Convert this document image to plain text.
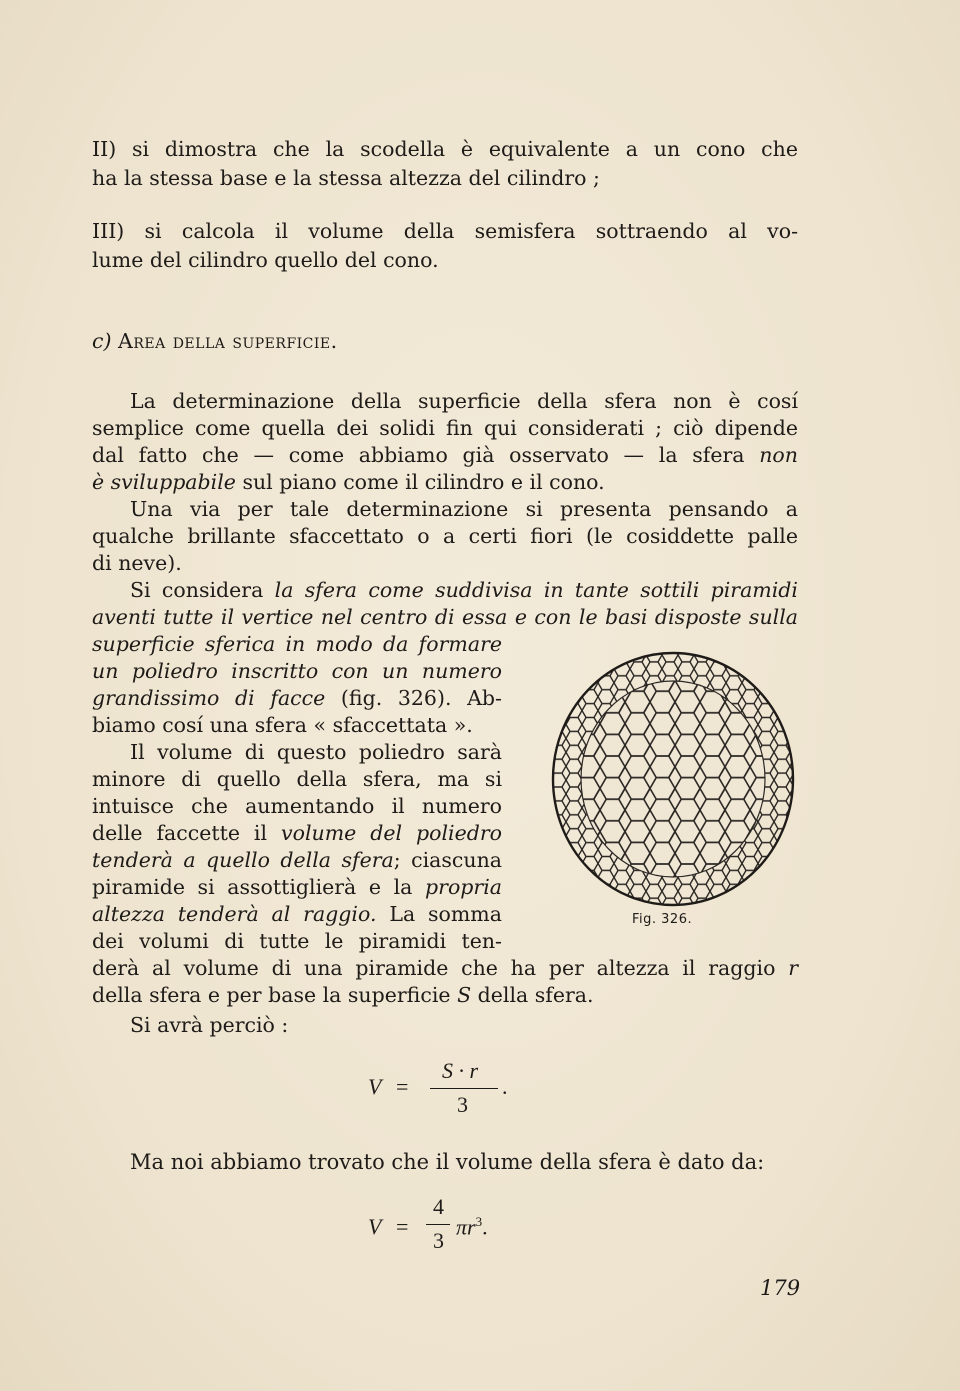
II) si dimostra che la scodella è equivalente a un cono che
ha la stessa base e la stessa altezza del cilindro ;
III) si calcola il volume della semisfera sottraendo al vo-
lume del cilindro quello del cono.
c) Area della superficie.
La determinazione della superficie della sfera non è cosí
semplice come quella dei solidi fin qui considerati ; ciò dipende
dal fatto che — come abbiamo già osservato — la sfera non
è sviluppabile sul piano come il cilindro e il cono.
Una via per tale determinazione si presenta pensando a
qualche brillante sfaccettato o a certi fiori (le cosiddette palle
di neve).
Si considera la sfera come suddivisa in tante sottili piramidi
aventi tutte il vertice nel centro di essa e con le basi disposte sulla
superficie sferica in modo da formare
un poliedro inscritto con un numero
grandissimo di facce (fig. 326). Ab-
biamo cosí una sfera « sfaccettata ».
Il volume di questo poliedro sarà
minore di quello della sfera, ma si
intuisce che aumentando il numero
delle faccette il volume del poliedro
tenderà a quello della sfera; ciascuna
piramide si assottiglierà e la propria
altezza tenderà al raggio. La somma
dei volumi di tutte le piramidi ten-
derà al volume di una piramide che ha per altezza il raggio r
della sfera e per base la superficie S della sfera.
Si avrà perciò :
V =
S · r
3
.
Ma noi abbiamo trovato che il volume della sfera è dato da:
V =
4
3
$\pi r^3$.
Fig. 326.
179
